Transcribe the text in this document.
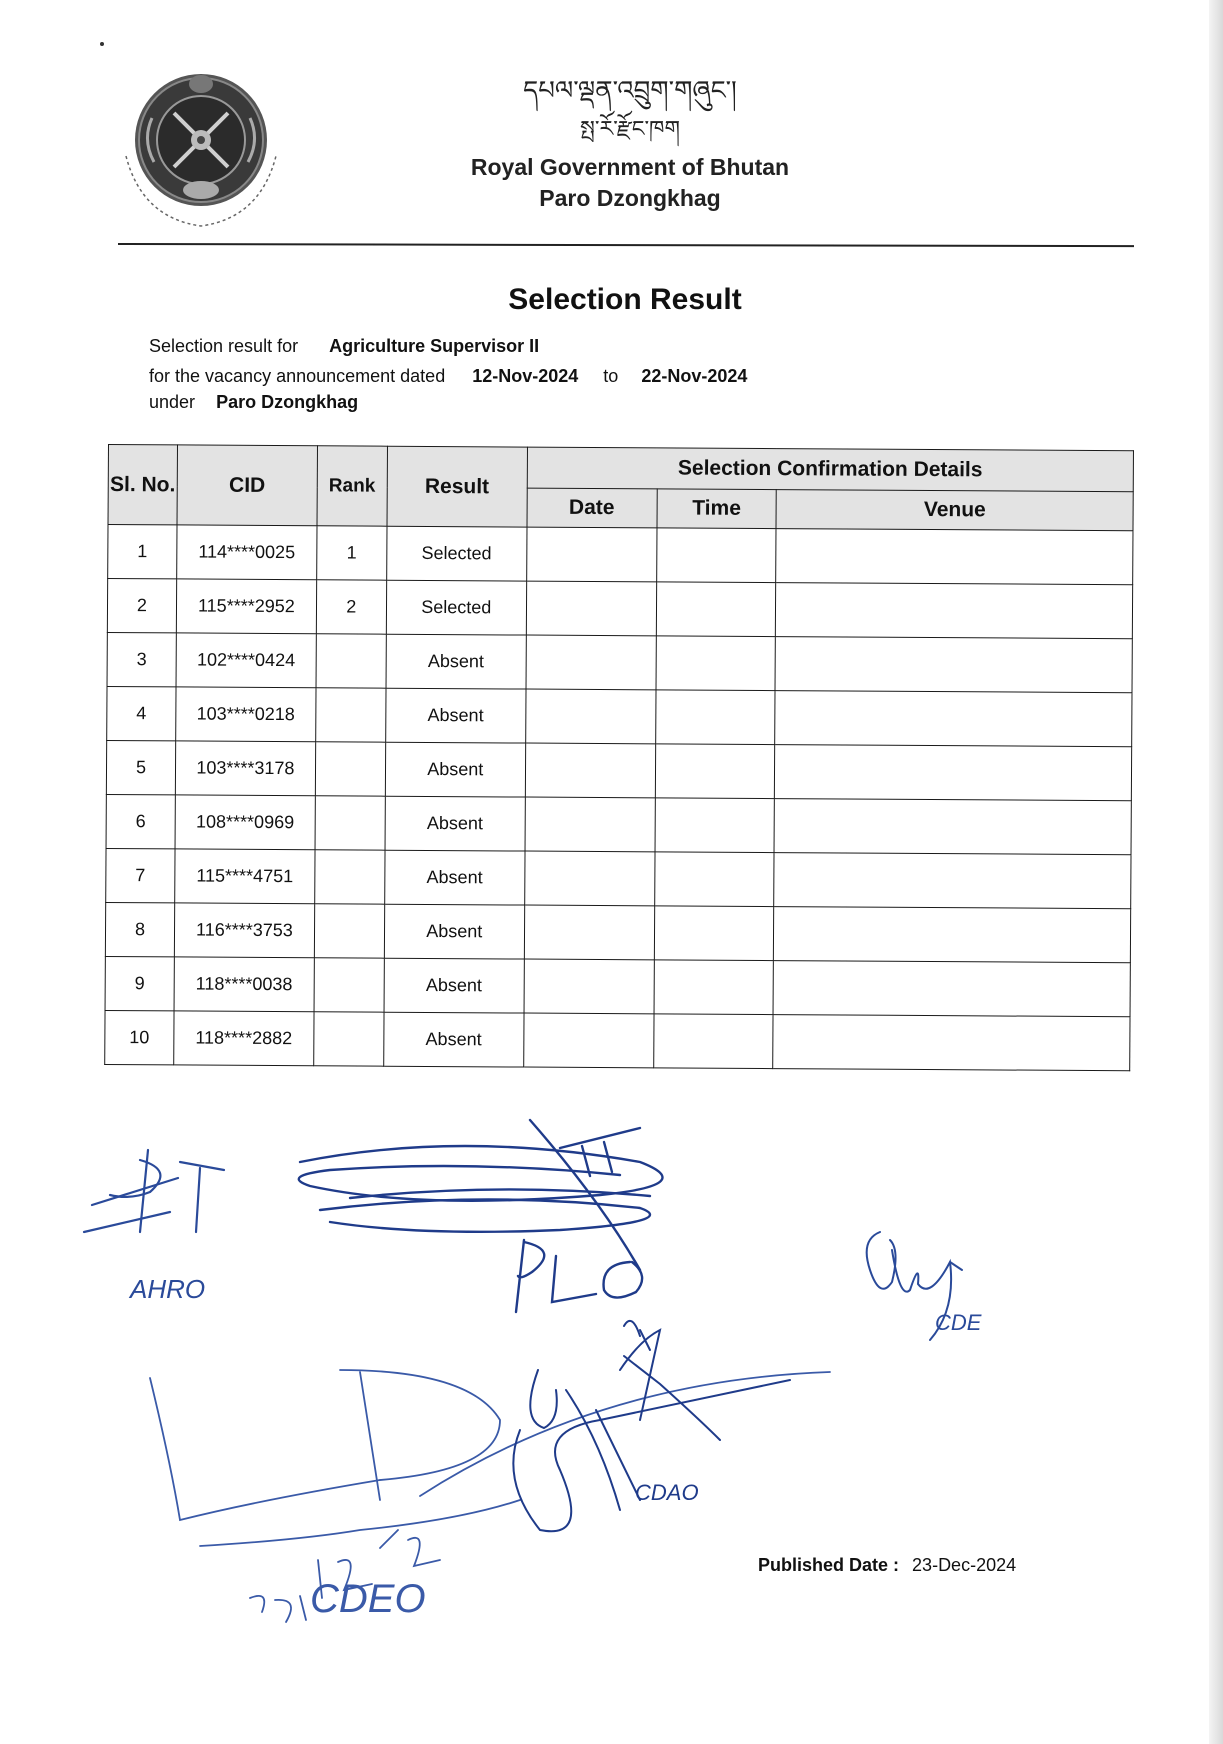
དཔལ་ལྡན་འབྲུག་གཞུང་།
སྤ་རོ་རྫོང་ཁག
Royal Government of Bhutan
Paro Dzongkhag
Selection Result
Selection result for Agriculture Supervisor II
for the vacancy announcement dated 12-Nov-2024 to 22-Nov-2024
under Paro Dzongkhag
Sl. No.	CID	Rank	Result	Selection Confirmation Details		
				Date	Time	Venue
1	114****0025	1	Selected			
2	115****2952	2	Selected			
3	102****0424		Absent			
4	103****0218		Absent			
5	103****3178		Absent			
6	108****0969		Absent			
7	115****4751		Absent			
8	116****3753		Absent			
9	118****0038		Absent			
10	118****2882		Absent			
AHRO
CDE
CDEO
CDAO
Published Date : 23-Dec-2024
